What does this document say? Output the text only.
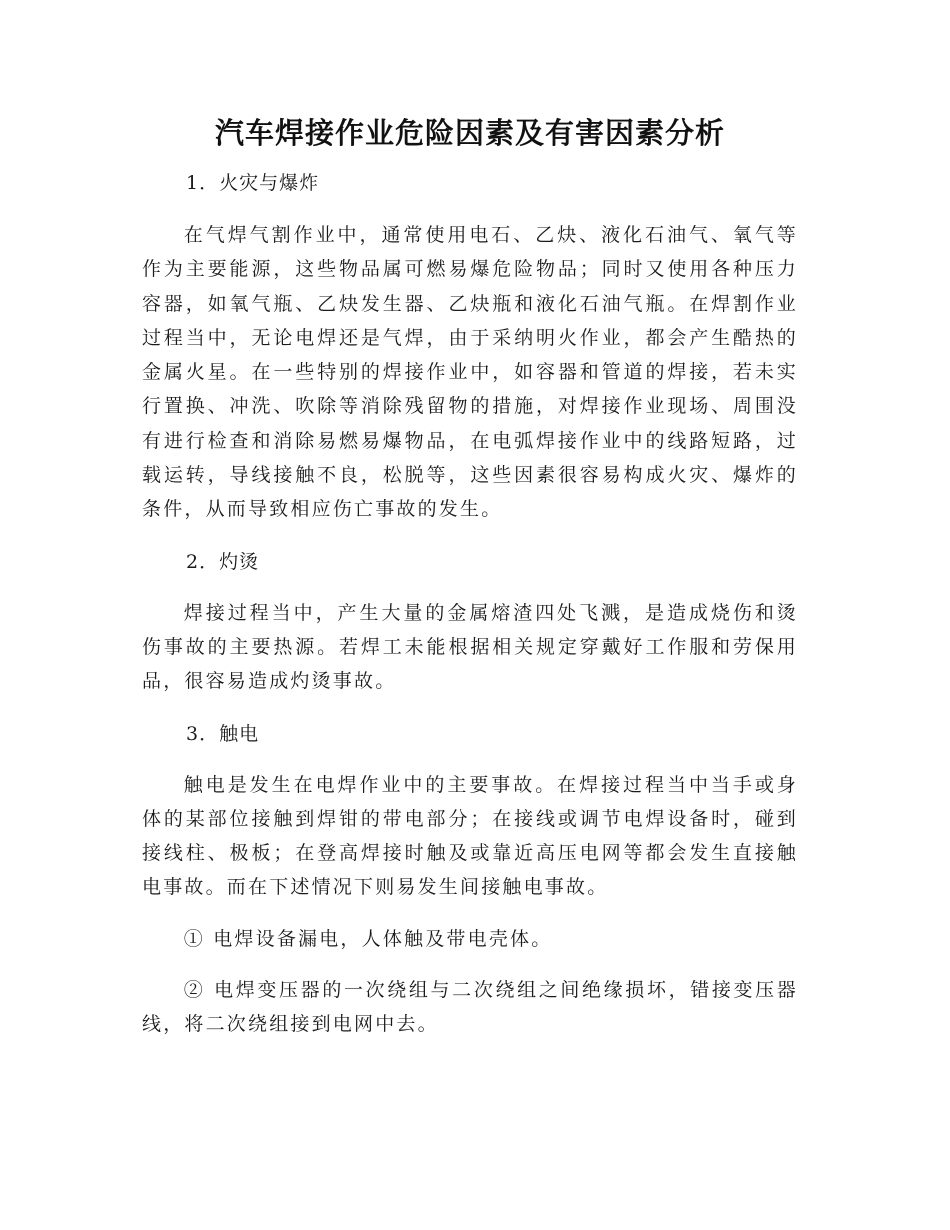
汽车焊接作业危险因素及有害因素分析

1．火灾与爆炸

在气焊气割作业中，通常使用电石、乙炔、液化石油气、氧气等作为主要能源，这些物品属可燃易爆危险物品；同时又使用各种压力容器，如氧气瓶、乙炔发生器、乙炔瓶和液化石油气瓶。在焊割作业过程当中，无论电焊还是气焊，由于采纳明火作业，都会产生酷热的金属火星。在一些特别的焊接作业中，如容器和管道的焊接，若未实行置换、冲洗、吹除等消除残留物的措施，对焊接作业现场、周围没有进行检查和消除易燃易爆物品，在电弧焊接作业中的线路短路，过载运转，导线接触不良，松脱等，这些因素很容易构成火灾、爆炸的条件，从而导致相应伤亡事故的发生。

2．灼烫

焊接过程当中，产生大量的金属熔渣四处飞溅，是造成烧伤和烫伤事故的主要热源。若焊工未能根据相关规定穿戴好工作服和劳保用品，很容易造成灼烫事故。

3．触电

触电是发生在电焊作业中的主要事故。在焊接过程当中当手或身体的某部位接触到焊钳的带电部分；在接线或调节电焊设备时，碰到接线柱、极板；在登高焊接时触及或靠近高压电网等都会发生直接触电事故。而在下述情况下则易发生间接触电事故。

① 电焊设备漏电，人体触及带电壳体。

② 电焊变压器的一次绕组与二次绕组之间绝缘损坏，错接变压器线，将二次绕组接到电网中去。
